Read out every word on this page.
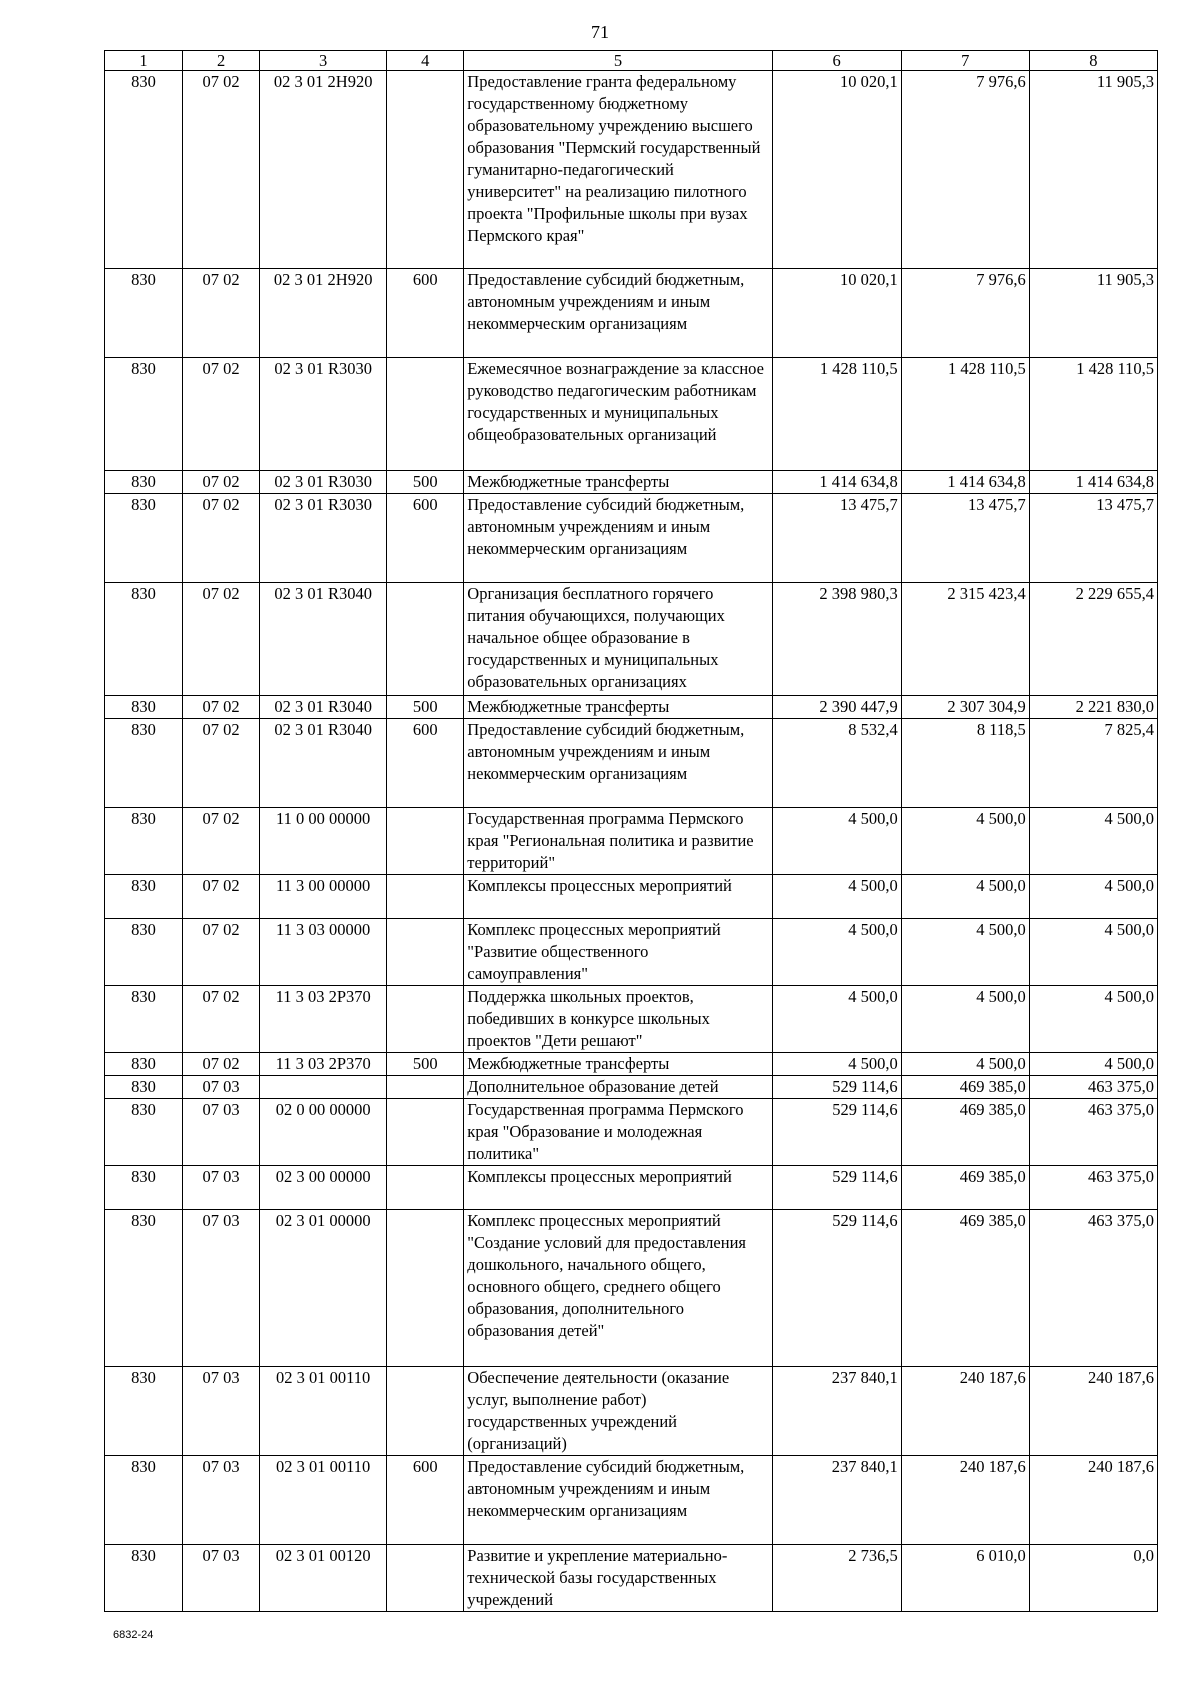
71
1	2	3	4	5	6	7	8
830	07 02	02 3 01 2Н920		Предоставление гранта федеральному государственному бюджетному образовательному учреждению высшего образования "Пермский государственный гуманитарно-педагогический университет" на реализацию пилотного проекта "Профильные школы при вузах Пермского края"	10 020,1	7 976,6	11 905,3
830	07 02	02 3 01 2Н920	600	Предоставление субсидий бюджетным, автономным учреждениям и иным некоммерческим организациям	10 020,1	7 976,6	11 905,3
830	07 02	02 3 01 R3030		Ежемесячное вознаграждение за классное руководство педагогическим работникам государственных и муниципальных общеобразовательных организаций	1 428 110,5	1 428 110,5	1 428 110,5
830	07 02	02 3 01 R3030	500	Межбюджетные трансферты	1 414 634,8	1 414 634,8	1 414 634,8
830	07 02	02 3 01 R3030	600	Предоставление субсидий бюджетным, автономным учреждениям и иным некоммерческим организациям	13 475,7	13 475,7	13 475,7
830	07 02	02 3 01 R3040		Организация бесплатного горячего питания обучающихся, получающих начальное общее образование в государственных и муниципальных образовательных организациях	2 398 980,3	2 315 423,4	2 229 655,4
830	07 02	02 3 01 R3040	500	Межбюджетные трансферты	2 390 447,9	2 307 304,9	2 221 830,0
830	07 02	02 3 01 R3040	600	Предоставление субсидий бюджетным, автономным учреждениям и иным некоммерческим организациям	8 532,4	8 118,5	7 825,4
830	07 02	11 0 00 00000		Государственная программа Пермского края "Региональная политика и развитие территорий"	4 500,0	4 500,0	4 500,0
830	07 02	11 3 00 00000		Комплексы процессных мероприятий	4 500,0	4 500,0	4 500,0
830	07 02	11 3 03 00000		Комплекс процессных мероприятий "Развитие общественного самоуправления"	4 500,0	4 500,0	4 500,0
830	07 02	11 3 03 2Р370		Поддержка школьных проектов, победивших в конкурсе школьных проектов "Дети решают"	4 500,0	4 500,0	4 500,0
830	07 02	11 3 03 2Р370	500	Межбюджетные трансферты	4 500,0	4 500,0	4 500,0
830	07 03			Дополнительное образование детей	529 114,6	469 385,0	463 375,0
830	07 03	02 0 00 00000		Государственная программа Пермского края "Образование и молодежная политика"	529 114,6	469 385,0	463 375,0
830	07 03	02 3 00 00000		Комплексы процессных мероприятий	529 114,6	469 385,0	463 375,0
830	07 03	02 3 01 00000		Комплекс процессных мероприятий "Создание условий для предоставления дошкольного, начального общего, основного общего, среднего общего образования, дополнительного образования детей"	529 114,6	469 385,0	463 375,0
830	07 03	02 3 01 00110		Обеспечение деятельности (оказание услуг, выполнение работ) государственных учреждений (организаций)	237 840,1	240 187,6	240 187,6
830	07 03	02 3 01 00110	600	Предоставление субсидий бюджетным, автономным учреждениям и иным некоммерческим организациям	237 840,1	240 187,6	240 187,6
830	07 03	02 3 01 00120		Развитие и укрепление материально-технической базы государственных учреждений	2 736,5	6 010,0	0,0
6832-24
